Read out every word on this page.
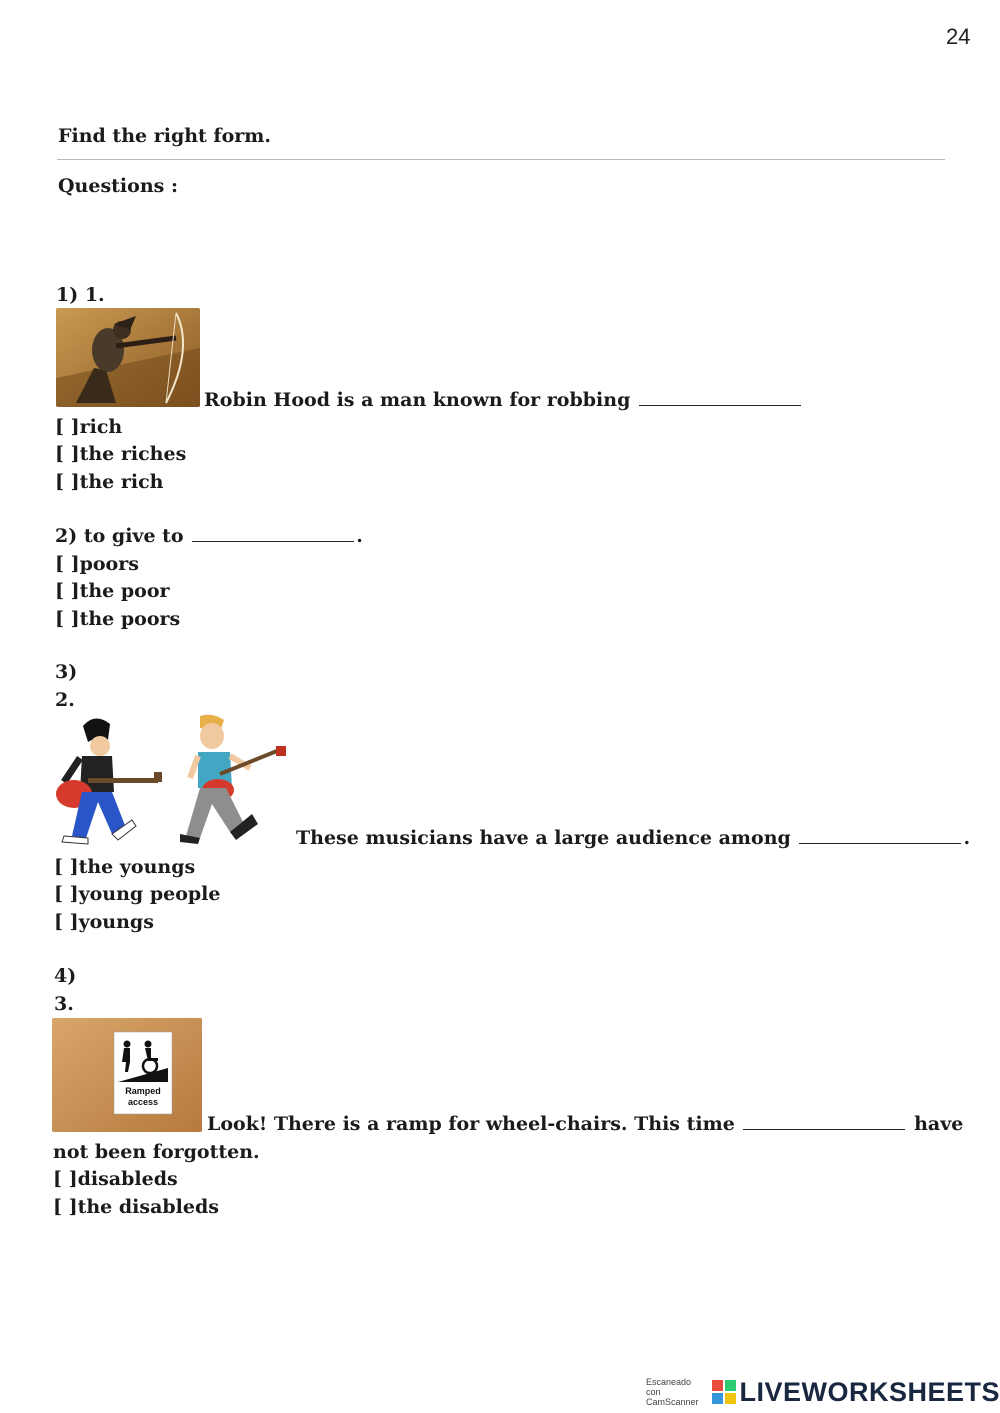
24
Find the right form.
Questions :
1) 1.
Robin Hood is a man known for robbing
[ ]rich
[ ]the riches
[ ]the rich
2) to give to	.
[ ]poors
[ ]the poor
[ ]the poors
3)
2.
These musicians have a large audience among	.
[ ]the youngs
[ ]young people
[ ]youngs
4)
3.
Ramped
access
Look! There is a ramp for wheel-chairs. This time	have
not been forgotten.
[ ]disableds
[ ]the disableds
Escaneado con CamScanner	LIVEWORKSHEETS
